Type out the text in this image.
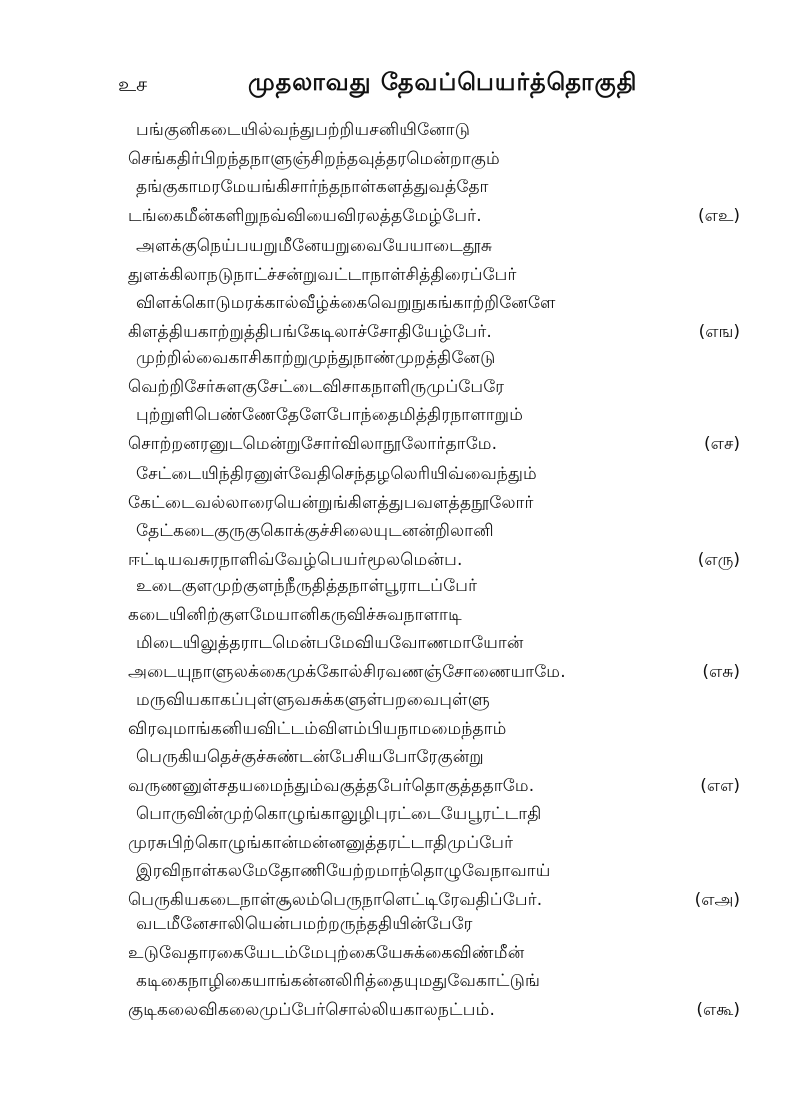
உச	முதலாவது தேவப்பெயர்த்தொகுதி
பங்குனிகடையில்வந்துபற்றியசனியினோடு
செங்கதிர்பிறந்தநாளுஞ்சிறந்தவுத்தரமென்றாகும்
தங்குகாமரமேயங்கிசார்ந்தநாள்களத்துவத்தோ
டங்கைமீன்களிறுநவ்வியைவிரலத்தமேழ்பேர்.	(எஉ)
அளக்குநெய்பயறுமீனேயறுவையேயாடைதூசு
துளக்கிலாநடுநாட்ச்சன்றுவட்டாநாள்சித்திரைப்பேர்
விளக்கொடுமரக்கால்வீழ்க்கைவெறுநுகங்காற்றினேளே
கிளத்தியகாற்றுத்திபங்கேடிலாச்சோதியேழ்பேர்.	(எங)
முற்றில்வைகாசிகாற்றுமுந்துநாண்முறத்தினேடு
வெற்றிசேர்சுளகுசேட்டைவிசாகநாளிருமுப்பேரே
புற்றுளிபெண்ணேதேளேபோந்தைமித்திரநாளாறும்
சொற்றனரனுடமென்றுசோர்விலாநூலோர்தாமே.	(எச)
சேட்டையிந்திரனுள்வேதிசெந்தழலெரியிவ்வைந்தும்
கேட்டைவல்லாரையென்றுங்கிளத்துபவளத்தநூலோர்
தேட்கடைகுருகுகொக்குச்சிலையுடனன்றிலானி
ஈட்டியவசுரநாளிவ்வேழ்பெயர்மூலமென்ப.	(எரு)
உடைகுளமுற்குளந்நீருதித்தநாள்பூராடப்பேர்
கடையினிற்குளமேயானிகருவிச்சுவநாளாடி
மிடையிலுத்தராடமென்பமேவியவோணமாயோன்
அடையுநாளுலக்கைமுக்கோல்சிரவணஞ்சோணையாமே.	(எசு)
மருவியகாகப்புள்ளுவசுக்களுள்பறவைபுள்ளு
விரவுமாங்கனியவிட்டம்விளம்பியநாமமைந்தாம்
பெருகியதெச்குச்சுண்டன்பேசியபோரேகுன்று
வருணனுள்சதயமைந்தும்வகுத்தபேர்தொகுத்ததாமே.	(எஎ)
பொருவின்முற்கொழுங்காலுழிபுரட்டையேபூரட்டாதி
முரசுபிற்கொழுங்கான்மன்னனுத்தரட்டாதிமுப்பேர்
இரவிநாள்கலமேதோணியேற்றமாந்தொழுவேநாவாய்
பெருகியகடைநாள்சூலம்பெருநாளெட்டிரேவதிப்பேர்.	(எஅ)
வடமீனேசாலியென்பமற்றருந்ததியின்பேரே
உடுவேதாரகையேடம்மேபுற்கையேசுக்கைவிண்மீன்
கடிகைநாழிகையாங்கன்னலிரித்தையுமதுவேகாட்டுங்
குடிகலைவிகலைமுப்பேர்சொல்லியகாலநட்பம்.	(எகூ)
